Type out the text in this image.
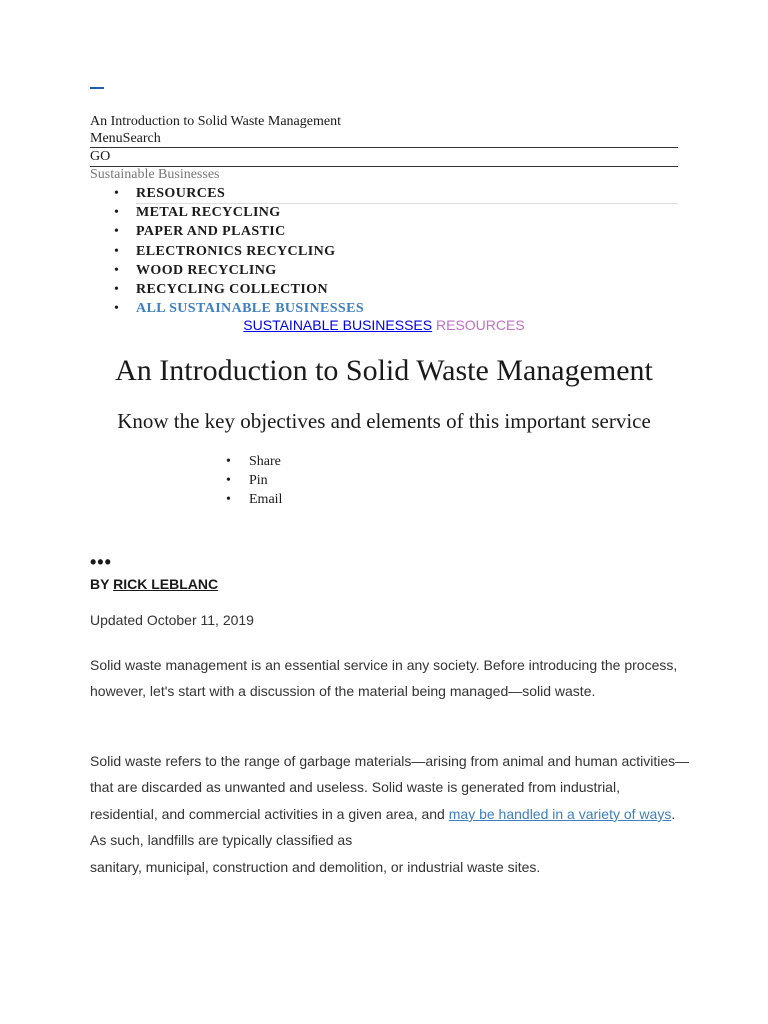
An Introduction to Solid Waste Management
MenuSearch
GO
Sustainable Businesses
• RESOURCES
• METAL RECYCLING
• PAPER AND PLASTIC
• ELECTRONICS RECYCLING
• WOOD RECYCLING
• RECYCLING COLLECTION
• ALL SUSTAINABLE BUSINESSES
SUSTAINABLE BUSINESSES RESOURCES
An Introduction to Solid Waste Management
Know the key objectives and elements of this important service
• Share
• Pin
• Email
•••
BY RICK LEBLANC
Updated October 11, 2019

Solid waste management is an essential service in any society. Before introducing the process, however, let's start with a discussion of the material being managed—solid waste.

Solid waste refers to the range of garbage materials—arising from animal and human activities—that are discarded as unwanted and useless. Solid waste is generated from industrial, residential, and commercial activities in a given area, and may be handled in a variety of ways. As such, landfills are typically classified as
sanitary, municipal, construction and demolition, or industrial waste sites.
